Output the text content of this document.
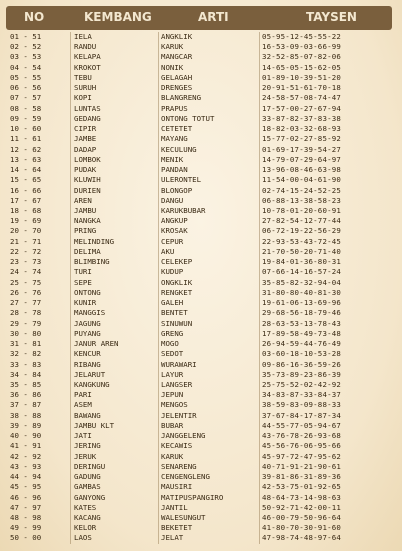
NO	KEMBANG	ARTI	TAYSEN
01 - 51	IELA	ANGKLIK	05-95-12-45-55-22
02 - 52	RANDU	KARUK	16-53-09-03-66-99
03 - 53	KELAPA	MANGCAR	32-52-85-07-82-06
04 - 54	KROKOT	NONIK	14-65-05-15-62-05
05 - 55	TEBU	GELAGAH	01-89-10-39-51-20
06 - 56	SURUH	DRENGES	20-91-51-61-70-18
07 - 57	KOPI	BLANGRENG	24-58-57-08-74-47
08 - 58	LUNTAS	PRAPUS	17-57-00-27-67-94
09 - 59	GEDANG	ONTONG TOTUT	33-87-82-37-83-38
10 - 60	CIPIR	CETETET	18-82-03-32-68-93
11 - 61	JAMBE	MAYANG	15-77-02-27-85-92
12 - 62	DADAP	KECULUNG	01-69-17-39-54-27
13 - 63	LOMBOK	MENIK	14-79-07-29-64-97
14 - 64	PUDAK	PANDAN	13-96-08-46-63-98
15 - 65	KLUWIH	ULERONTEL	11-54-00-04-61-90
16 - 66	DURIEN	BLONGOP	02-74-15-24-52-25
17 - 67	AREN	DANGU	06-88-13-38-58-23
18 - 68	JAMBU	KARUKBUBAR	10-78-01-20-60-91
19 - 69	NANGKA	ANGKUP	27-82-54-12-77-44
20 - 70	PRING	KROSAK	06-72-19-22-56-29
21 - 71	MELINDING	CEPUR	22-93-53-43-72-45
22 - 72	DELIMA	AKU	21-70-50-20-71-40
23 - 73	BLIMBING	CELEKEP	19-84-01-36-80-31
24 - 74	TURI	KUDUP	07-66-14-16-57-24
25 - 75	SEPE	ONGKLIK	35-85-82-32-94-04
26 - 76	ONTONG	RENGKET	31-80-80-40-81-30
27 - 77	KUNIR	GALEH	19-61-06-13-69-96
28 - 78	MANGGIS	BENTET	29-68-56-18-79-46
29 - 79	JAGUNG	SINUWUN	28-63-53-13-78-43
30 - 80	PUYANG	GRENG	17-89-58-49-73-48
31 - 81	JANUR AREN	MOGO	26-94-59-44-76-49
32 - 82	KENCUR	SEDOT	03-60-18-10-53-28
33 - 83	RIBANG	WURAWARI	09-86-16-36-59-26
34 - 84	JELARUT	LAYUR	35-73-89-23-86-39
35 - 85	KANGKUNG	LANGSER	25-75-52-02-42-92
36 - 86	PARI	JEPUN	34-83-87-33-84-37
37 - 87	ASEM	MENGOS	38-59-83-09-88-33
38 - 88	BAWANG	JELENTIR	37-67-84-17-87-34
39 - 89	JAMBU KLT	BUBAR	44-55-77-05-94-67
40 - 90	JATI	JANGGELENG	43-76-78-26-93-68
41 - 91	JERING	KECAWIS	45-56-76-06-95-66
42 - 92	JERUK	KARUK	45-97-72-47-95-62
43 - 93	DERINGU	SENARENG	40-71-91-21-90-61
44 - 94	GADUNG	CENGENGLENG	39-81-86-31-89-36
45 - 95	GAMBAS	MAUSIRI	42-53-75-01-92-65
46 - 96	GANYONG	MATIPUSPANGIRO	48-64-73-14-98-63
47 - 97	KATES	JANTIL	50-92-71-42-00-11
48 - 98	KACANG	WALESUNGUT	46-00-79-50-96-64
49 - 99	KELOR	BEKETET	41-80-70-30-91-60
50 - 00	LAOS	JELAT	47-98-74-48-97-64
